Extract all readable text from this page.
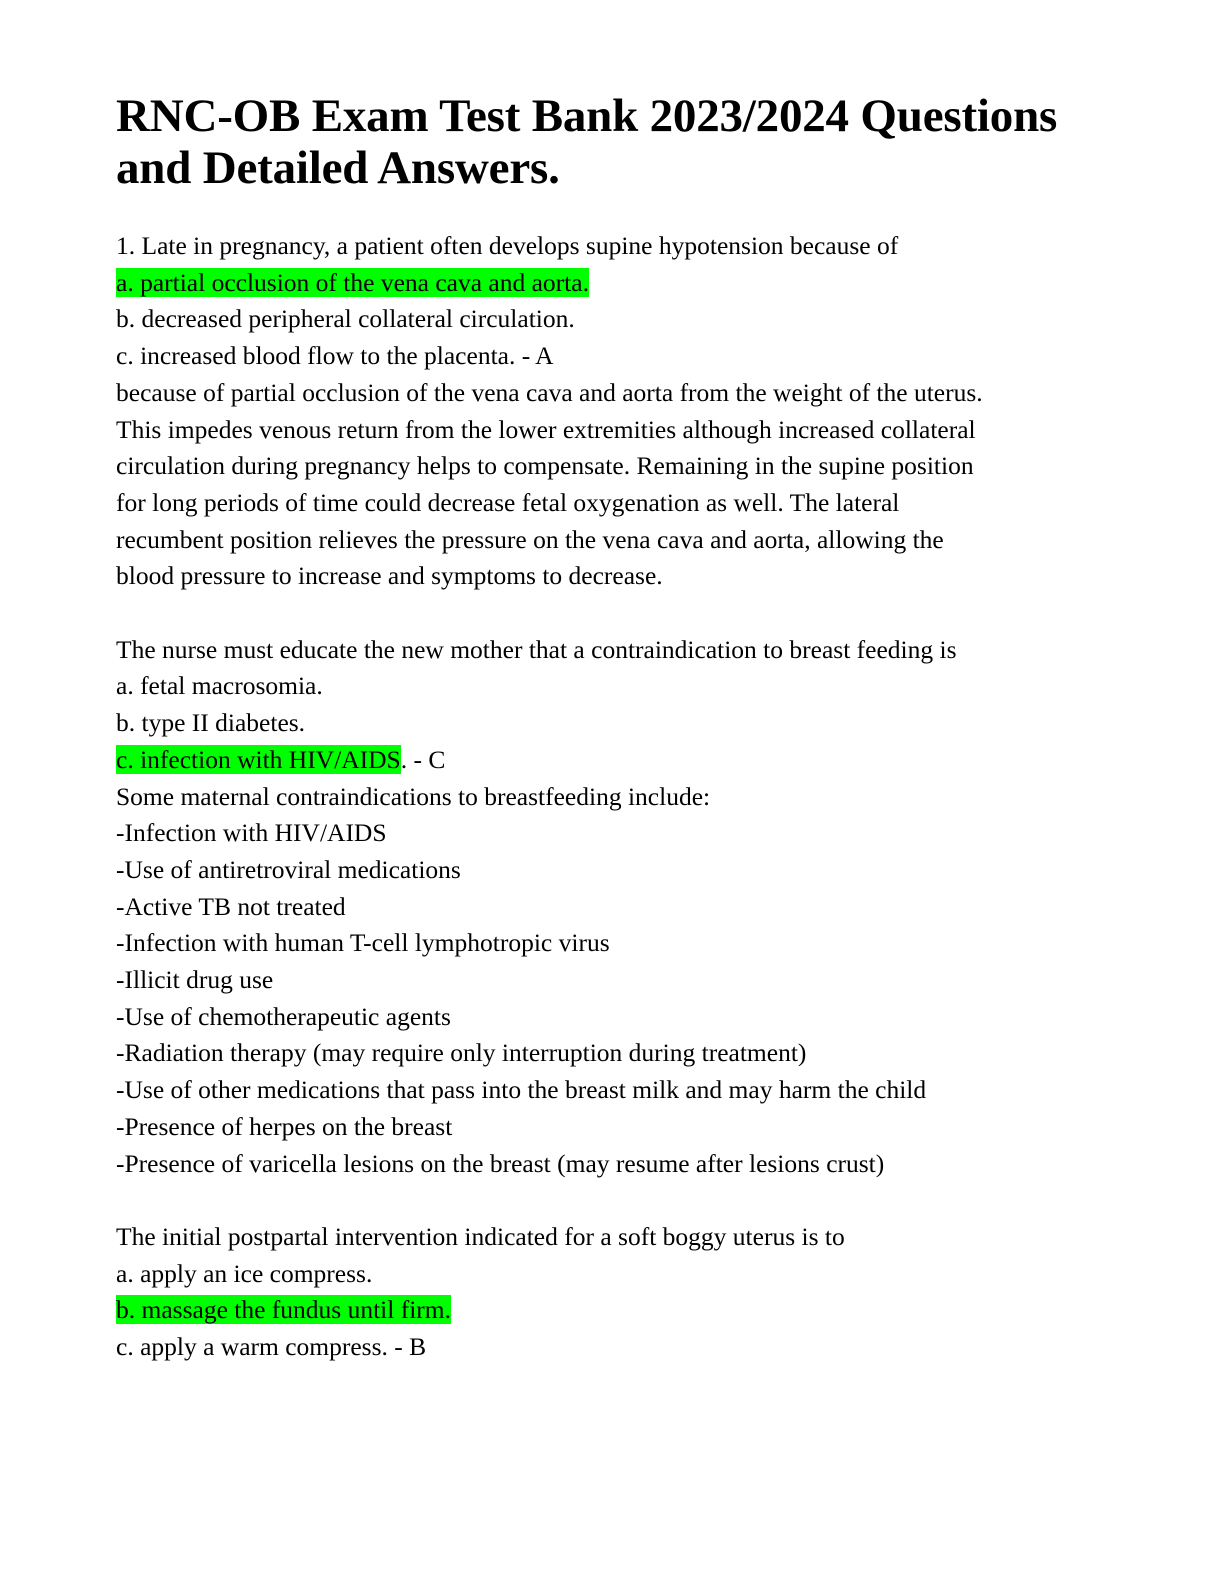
RNC-OB Exam Test Bank 2023/2024 Questions
and Detailed Answers.
1. Late in pregnancy, a patient often develops supine hypotension because of
a. partial occlusion of the vena cava and aorta.
b. decreased peripheral collateral circulation.
c. increased blood flow to the placenta. - A
because of partial occlusion of the vena cava and aorta from the weight of the uterus.
This impedes venous return from the lower extremities although increased collateral
circulation during pregnancy helps to compensate. Remaining in the supine position
for long periods of time could decrease fetal oxygenation as well. The lateral
recumbent position relieves the pressure on the vena cava and aorta, allowing the
blood pressure to increase and symptoms to decrease.
The nurse must educate the new mother that a contraindication to breast feeding is
a. fetal macrosomia.
b. type II diabetes.
c. infection with HIV/AIDS. - C
Some maternal contraindications to breastfeeding include:
-Infection with HIV/AIDS
-Use of antiretroviral medications
-Active TB not treated
-Infection with human T-cell lymphotropic virus
-Illicit drug use
-Use of chemotherapeutic agents
-Radiation therapy (may require only interruption during treatment)
-Use of other medications that pass into the breast milk and may harm the child
-Presence of herpes on the breast
-Presence of varicella lesions on the breast (may resume after lesions crust)
The initial postpartal intervention indicated for a soft boggy uterus is to
a. apply an ice compress.
b. massage the fundus until firm.
c. apply a warm compress. - B
